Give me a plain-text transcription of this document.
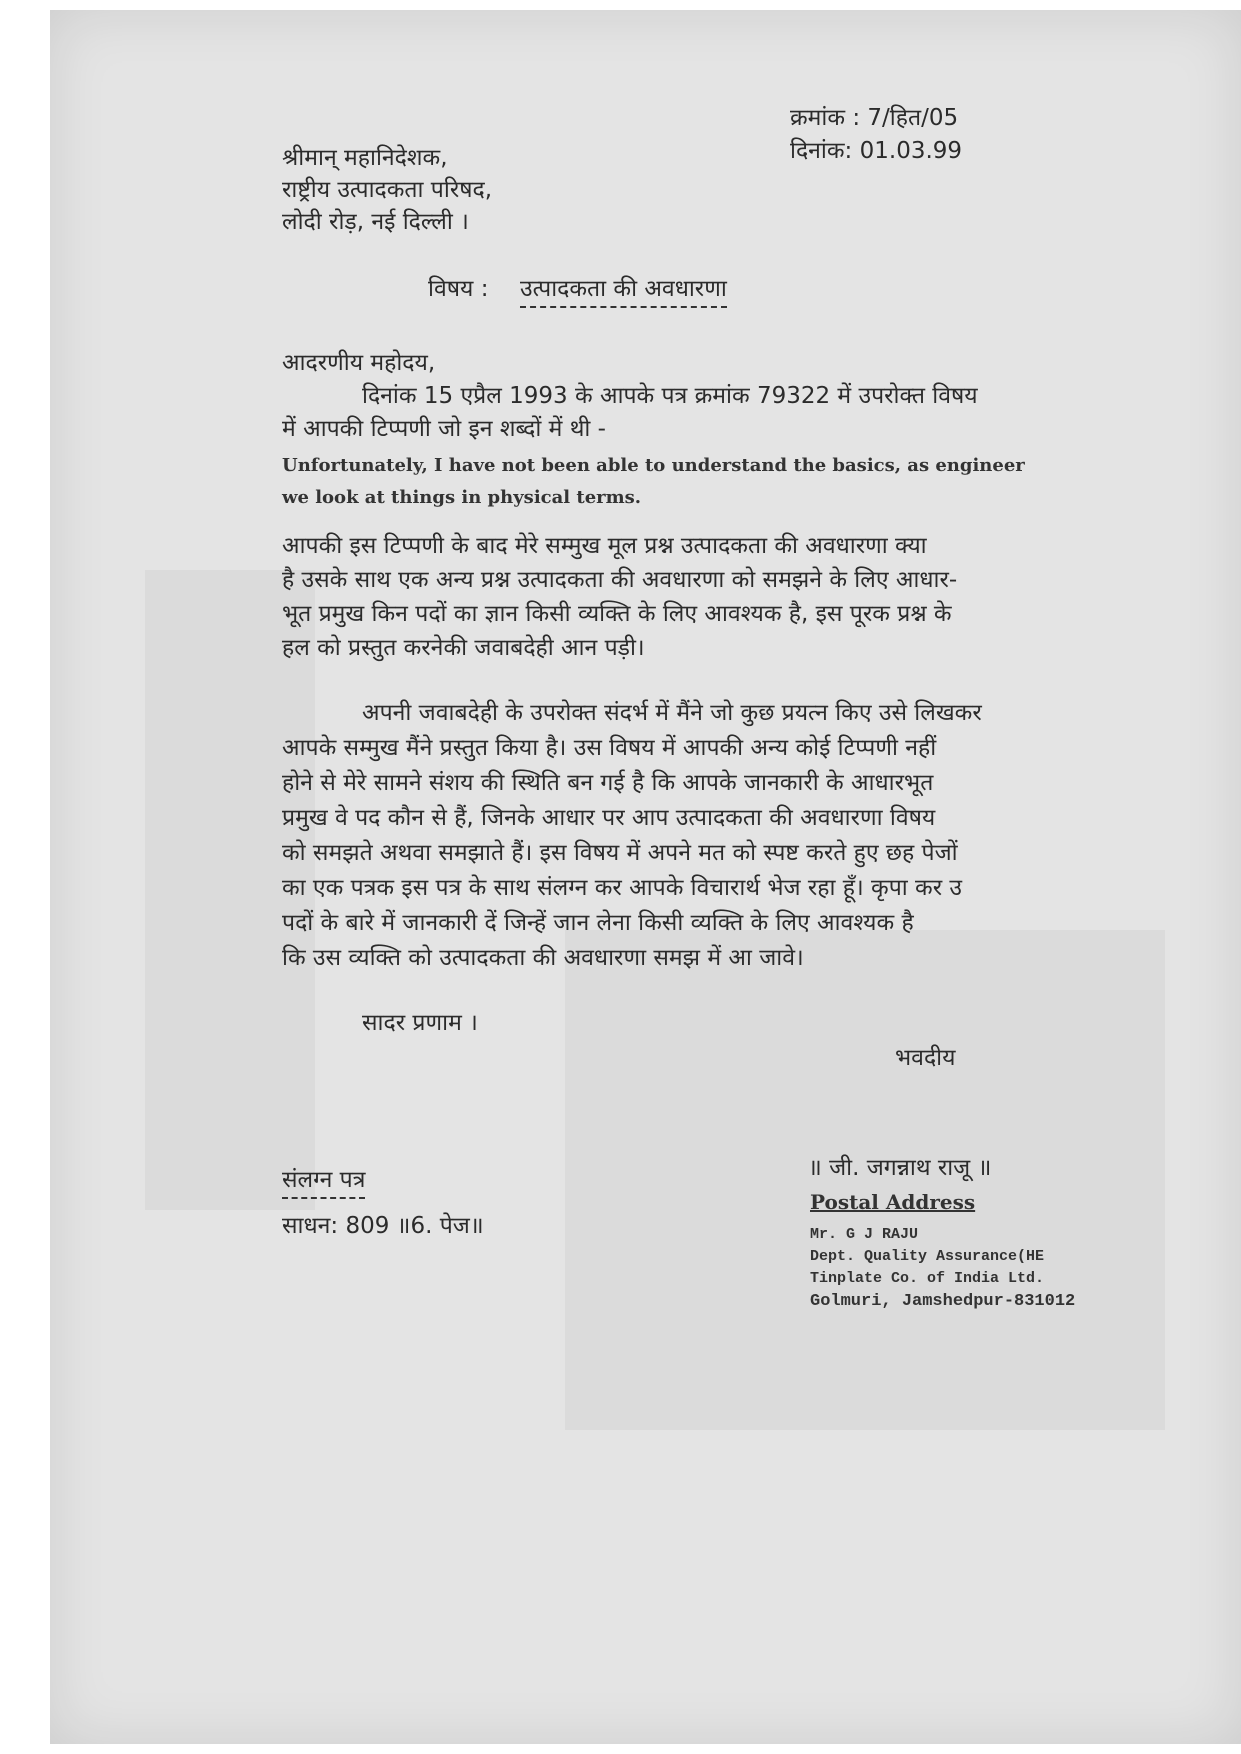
क्रमांक : 7/हित/05
दिनांक: 01.03.99
श्रीमान् महानिदेशक,
राष्ट्रीय उत्पादकता परिषद,
लोदी रोड़, नई दिल्ली ।
विषय : उत्पादकता की अवधारणा
आदरणीय महोदय,
दिनांक 15 एप्रैल 1993 के आपके पत्र क्रमांक 79322 में उपरोक्त विषय
में आपकी टिप्पणी जो इन शब्दों में थी -
Unfortunately, I have not been able to understand the basics, as engineer
we look at things in physical terms.
आपकी इस टिप्पणी के बाद मेरे सम्मुख मूल प्रश्न उत्पादकता की अवधारणा क्या
है उसके साथ एक अन्य प्रश्न उत्पादकता की अवधारणा को समझने के लिए आधार-
भूत प्रमुख किन पदों का ज्ञान किसी व्यक्ति के लिए आवश्यक है, इस पूरक प्रश्न के
हल को प्रस्तुत करनेकी जवाबदेही आन पड़ी।
अपनी जवाबदेही के उपरोक्त संदर्भ में मैंने जो कुछ प्रयत्न किए उसे लिखकर
आपके सम्मुख मैंने प्रस्तुत किया है। उस विषय में आपकी अन्य कोई टिप्पणी नहीं
होने से मेरे सामने संशय की स्थिति बन गई है कि आपके जानकारी के आधारभूत
प्रमुख वे पद कौन से हैं, जिनके आधार पर आप उत्पादकता की अवधारणा विषय
को समझते अथवा समझाते हैं। इस विषय में अपने मत को स्पष्ट करते हुए छह पेजों
का एक पत्रक इस पत्र के साथ संलग्न कर आपके विचारार्थ भेज रहा हूँ। कृपा कर उ
पदों के बारे में जानकारी दें जिन्हें जान लेना किसी व्यक्ति के लिए आवश्यक है
कि उस व्यक्ति को उत्पादकता की अवधारणा समझ में आ जावे।
सादर प्रणाम ।
भवदीय
॥ जी. जगन्नाथ राजू ॥
संलग्न पत्र
साधन: 809 ॥6. पेज॥
Postal Address
Mr. G J RAJU
Dept. Quality Assurance(HE
Tinplate Co. of India Ltd.
Golmuri, Jamshedpur-831012
